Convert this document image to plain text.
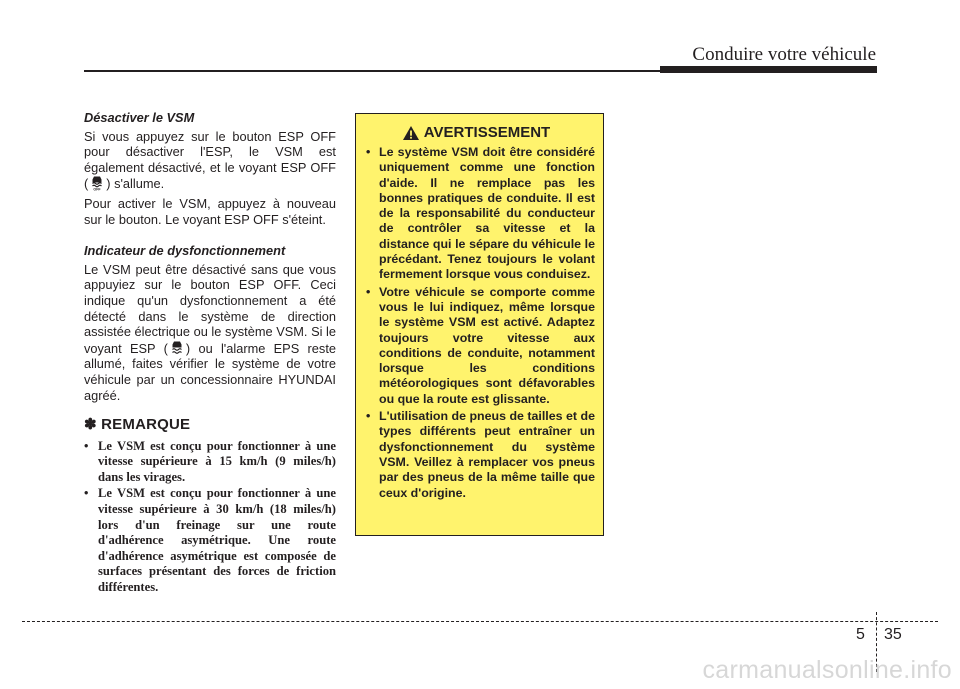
Conduire votre véhicule
Désactiver le VSM

Si vous appuyez sur le bouton ESP OFF pour désactiver l'ESP, le VSM est également désactivé, et le voyant ESP OFF ( OFF ) s'allume.

Pour activer le VSM, appuyez à nouveau sur le bouton. Le voyant ESP OFF s'éteint.

Indicateur de dysfonctionnement

Le VSM peut être désactivé sans que vous appuyiez sur le bouton ESP OFF. Ceci indique qu'un dysfonctionnement a été détecté dans le système de direction assistée électrique ou le système VSM. Si le voyant ESP ( ) ou l'alarme EPS reste allumé, faites vérifier le système de votre véhicule par un concessionnaire HYUNDAI agréé.

✽ REMARQUE
• Le VSM est conçu pour fonctionner à une vitesse supérieure à 15 km/h (9 miles/h) dans les virages.
• Le VSM est conçu pour fonctionner à une vitesse supérieure à 30 km/h (18 miles/h) lors d'un freinage sur une route d'adhérence asymétrique. Une route d'adhérence asymétrique est composée de surfaces présentant des forces de friction différentes.
AVERTISSEMENT
• Le système VSM doit être considéré uniquement comme une fonction d'aide. Il ne remplace pas les bonnes pratiques de conduite. Il est de la responsabilité du conducteur de contrôler sa vitesse et la distance qui le sépare du véhicule le précédant. Tenez toujours le volant fermement lorsque vous conduisez.
• Votre véhicule se comporte comme vous le lui indiquez, même lorsque le système VSM est activé. Adaptez toujours votre vitesse aux conditions de conduite, notamment lorsque les conditions météorologiques sont défavorables ou que la route est glissante.
• L'utilisation de pneus de tailles et de types différents peut entraîner un dysfonctionnement du système VSM. Veillez à remplacer vos pneus par des pneus de la même taille que ceux d'origine.
5 35
carmanualsonline.info
